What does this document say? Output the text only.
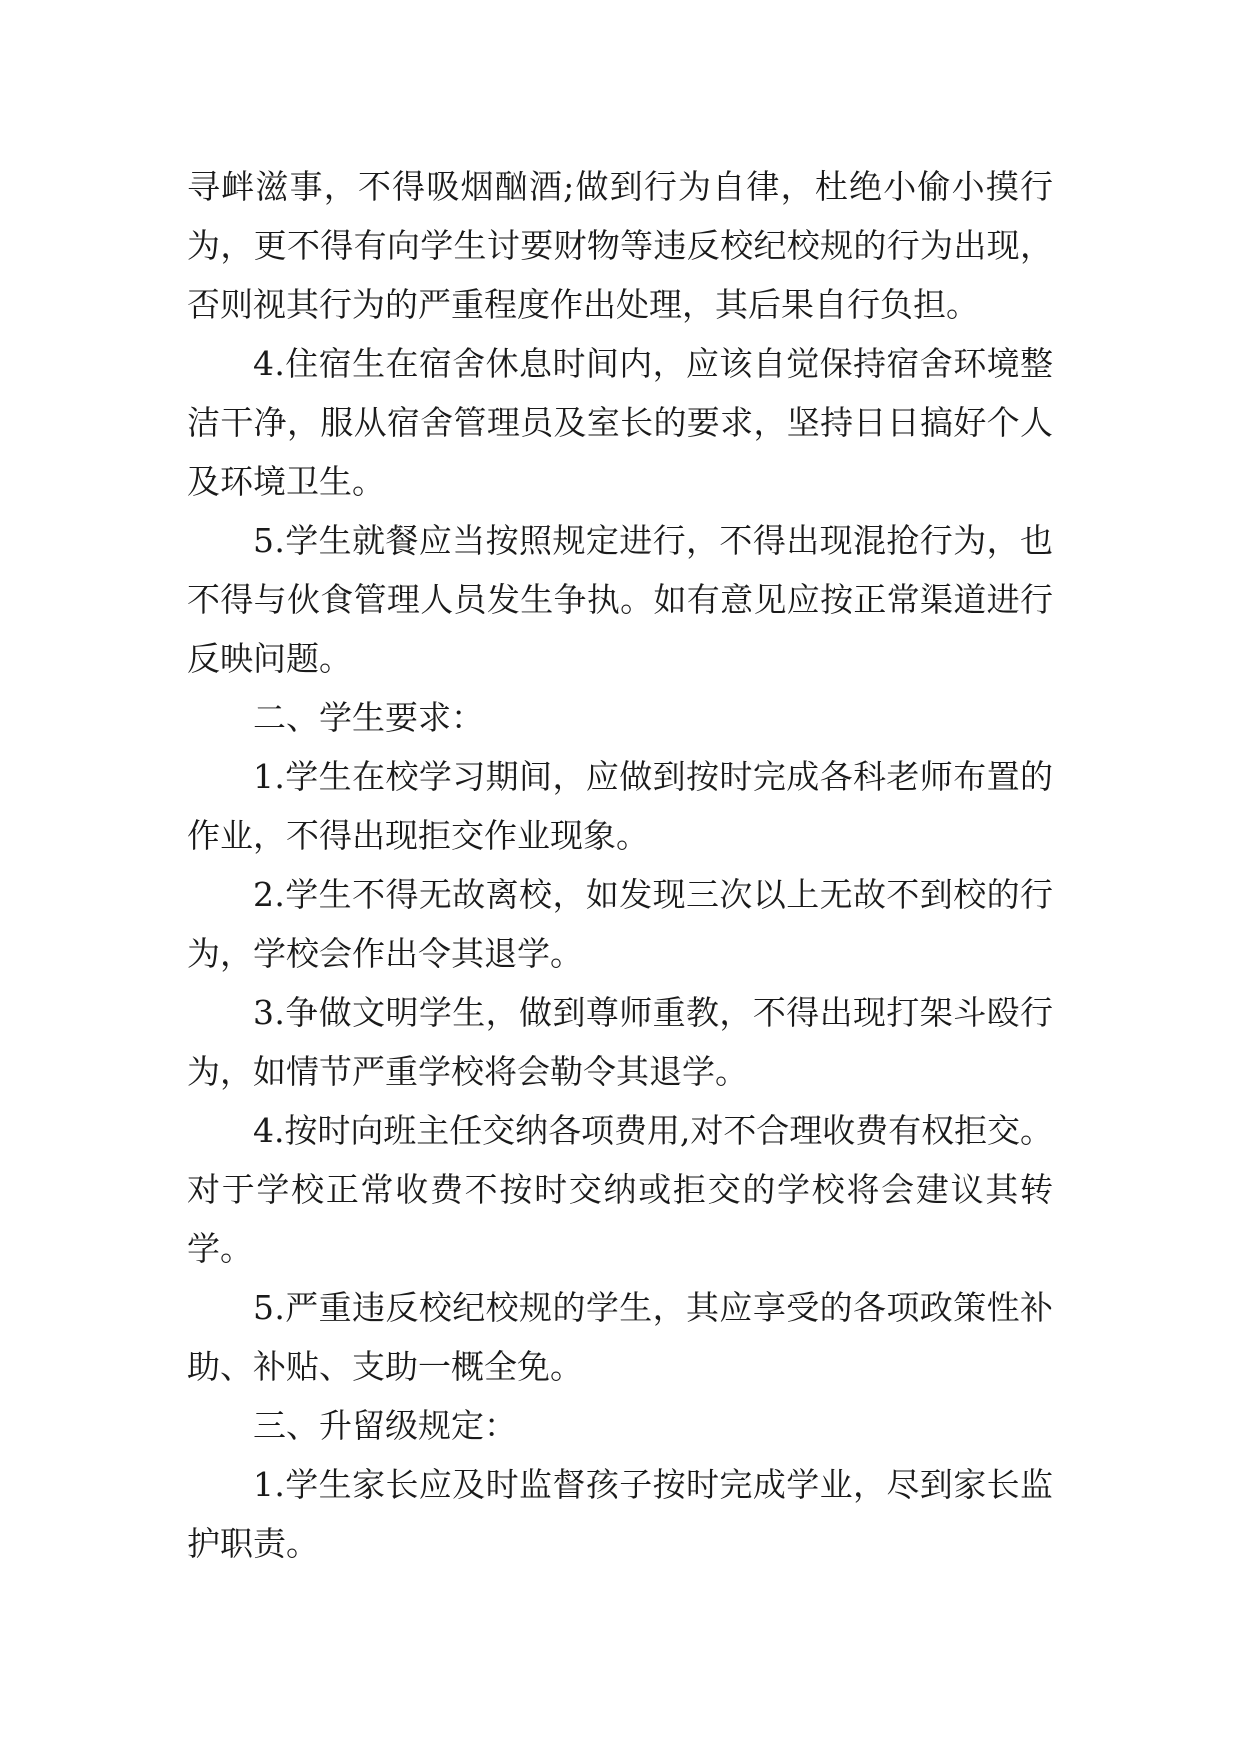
寻衅滋事，不得吸烟酗酒;做到行为自律，杜绝小偷小摸行
为，更不得有向学生讨要财物等违反校纪校规的行为出现，
否则视其行为的严重程度作出处理，其后果自行负担。
4.住宿生在宿舍休息时间内，应该自觉保持宿舍环境整
洁干净，服从宿舍管理员及室长的要求，坚持日日搞好个人
及环境卫生。
5.学生就餐应当按照规定进行，不得出现混抢行为，也
不得与伙食管理人员发生争执。如有意见应按正常渠道进行
反映问题。
二、学生要求：
1.学生在校学习期间，应做到按时完成各科老师布置的
作业，不得出现拒交作业现象。
2.学生不得无故离校，如发现三次以上无故不到校的行
为，学校会作出令其退学。
3.争做文明学生，做到尊师重教，不得出现打架斗殴行
为，如情节严重学校将会勒令其退学。
4.按时向班主任交纳各项费用,对不合理收费有权拒交。
对于学校正常收费不按时交纳或拒交的学校将会建议其转
学。
5.严重违反校纪校规的学生，其应享受的各项政策性补
助、补贴、支助一概全免。
三、升留级规定：
1.学生家长应及时监督孩子按时完成学业，尽到家长监
护职责。
